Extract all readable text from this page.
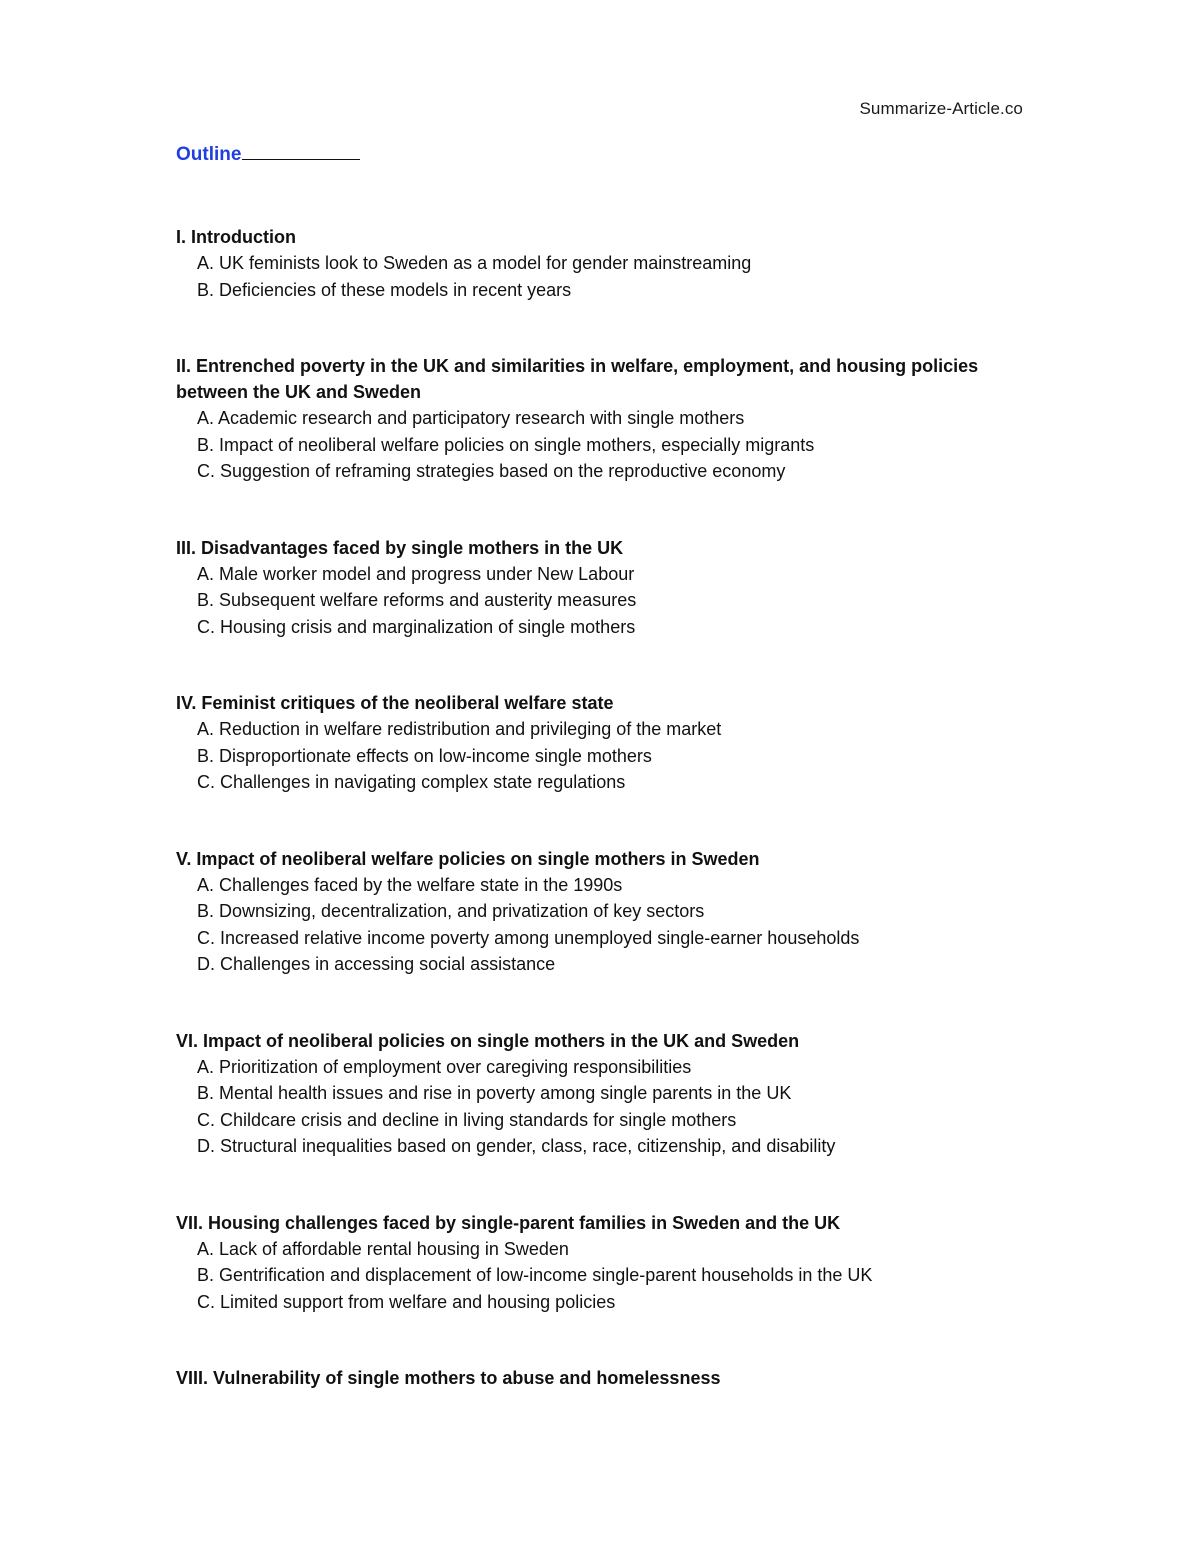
Summarize-Article.co
Outline
I. Introduction
A. UK feminists look to Sweden as a model for gender mainstreaming
B. Deficiencies of these models in recent years
II. Entrenched poverty in the UK and similarities in welfare, employment, and housing policies between the UK and Sweden
A. Academic research and participatory research with single mothers
B. Impact of neoliberal welfare policies on single mothers, especially migrants
C. Suggestion of reframing strategies based on the reproductive economy
III. Disadvantages faced by single mothers in the UK
A. Male worker model and progress under New Labour
B. Subsequent welfare reforms and austerity measures
C. Housing crisis and marginalization of single mothers
IV. Feminist critiques of the neoliberal welfare state
A. Reduction in welfare redistribution and privileging of the market
B. Disproportionate effects on low-income single mothers
C. Challenges in navigating complex state regulations
V. Impact of neoliberal welfare policies on single mothers in Sweden
A. Challenges faced by the welfare state in the 1990s
B. Downsizing, decentralization, and privatization of key sectors
C. Increased relative income poverty among unemployed single-earner households
D. Challenges in accessing social assistance
VI. Impact of neoliberal policies on single mothers in the UK and Sweden
A. Prioritization of employment over caregiving responsibilities
B. Mental health issues and rise in poverty among single parents in the UK
C. Childcare crisis and decline in living standards for single mothers
D. Structural inequalities based on gender, class, race, citizenship, and disability
VII. Housing challenges faced by single-parent families in Sweden and the UK
A. Lack of affordable rental housing in Sweden
B. Gentrification and displacement of low-income single-parent households in the UK
C. Limited support from welfare and housing policies
VIII. Vulnerability of single mothers to abuse and homelessness
